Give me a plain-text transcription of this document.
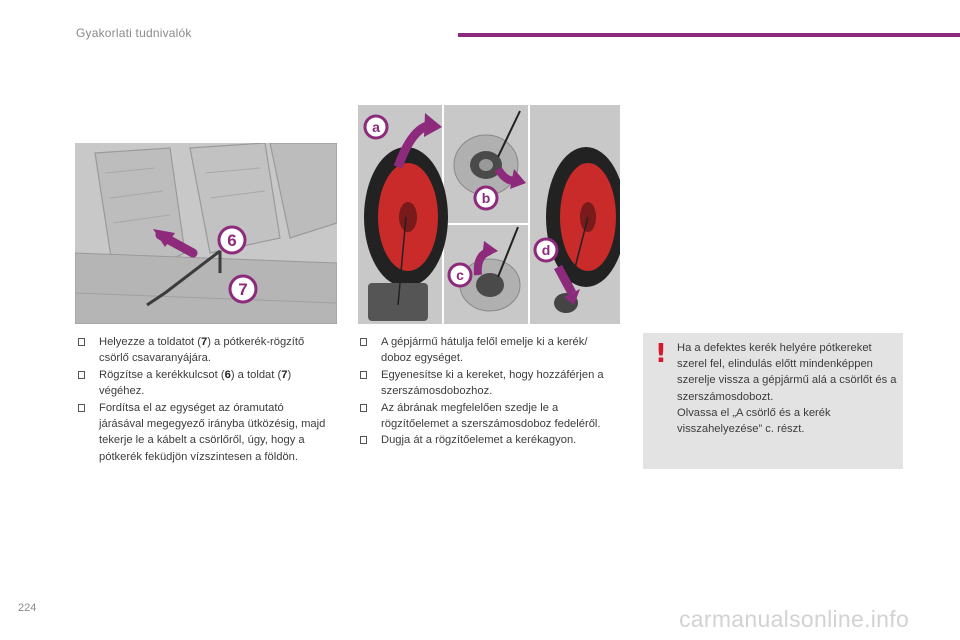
Gyakorlati tudnivalók
6
7
a
b
c
d
Helyezze a toldatot (7) a pótkerék-rögzítő csörlő csavaranyájára.
Rögzítse a kerékkulcsot (6) a toldat (7) végéhez.
Fordítsa el az egységet az óramutató járásával megegyező irányba ütközésig, majd tekerje le a kábelt a csörlőről, úgy, hogy a pótkerék feküdjön vízszintesen a földön.
A gépjármű hátulja felől emelje ki a kerék/ doboz egységet.
Egyenesítse ki a kereket, hogy hozzáférjen a szerszámosdobozhoz.
Az ábrának megfelelően szedje le a rögzítőelemet a szerszámosdoboz fedeléről.
Dugja át a rögzítőelemet a kerékagyon.
! Ha a defektes kerék helyére pótkereket szerel fel, elindulás előtt mindenképpen szerelje vissza a gépjármű alá a csörlőt és a szerszámosdobozt.
Olvassa el „A csörlő és a kerék visszahelyezése” c. részt.
224	carmanualsonline.info
